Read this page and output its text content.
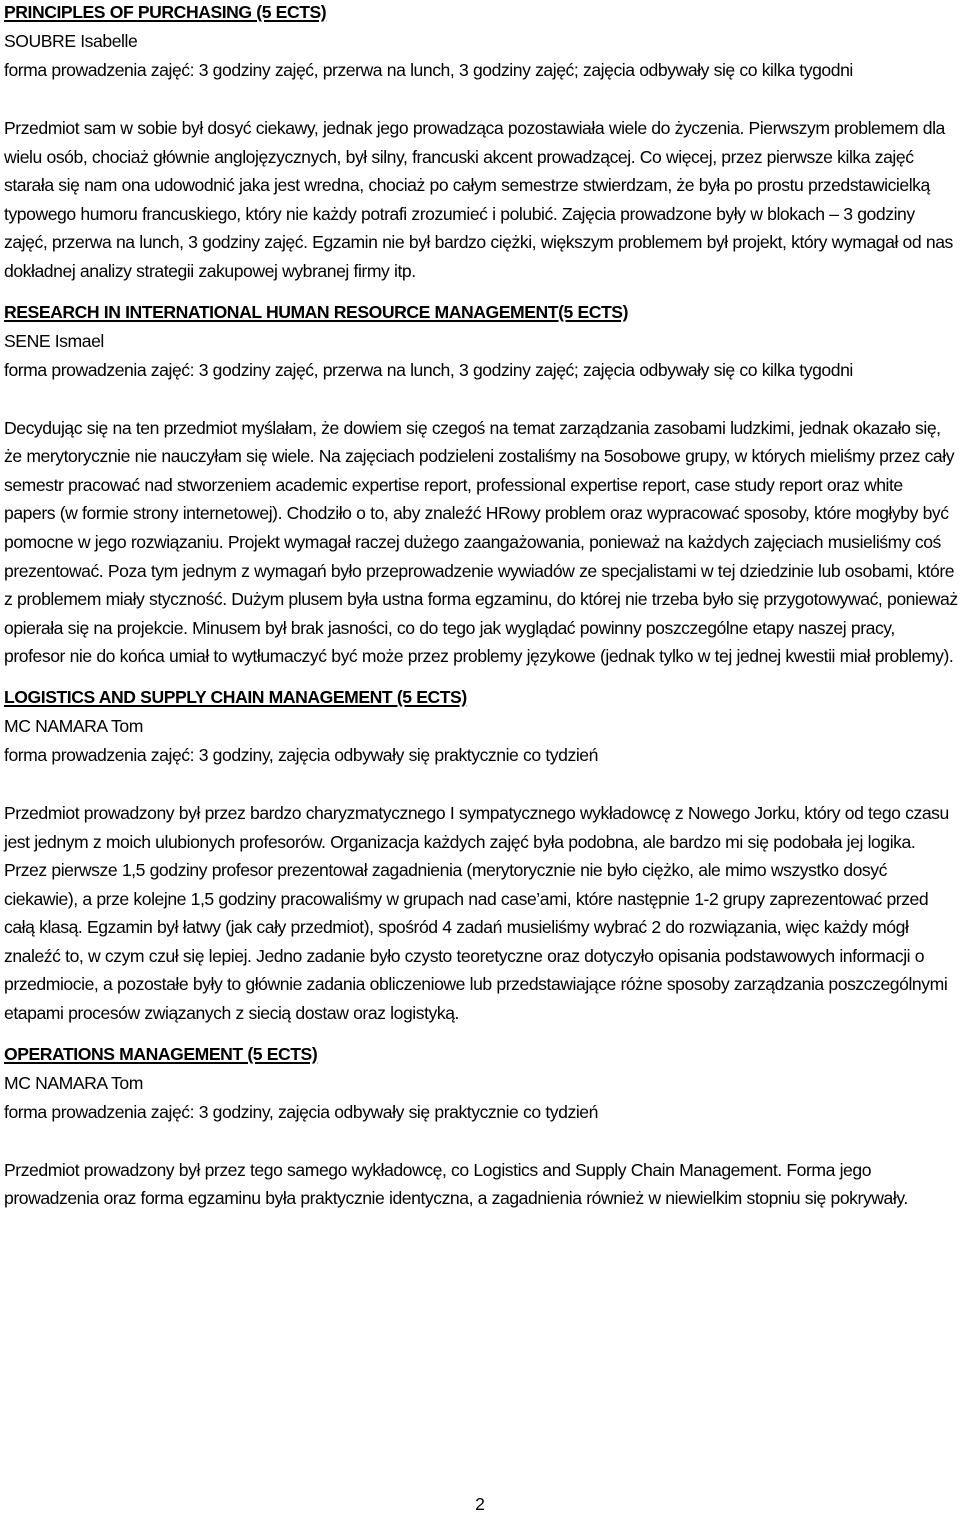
PRINCIPLES OF PURCHASING (5 ECTS)
SOUBRE Isabelle
forma prowadzenia zajęć: 3 godziny zajęć, przerwa na lunch, 3 godziny zajęć; zajęcia odbywały się co kilka tygodni

Przedmiot sam w sobie był dosyć ciekawy, jednak jego prowadząca pozostawiała wiele do życzenia. Pierwszym problemem dla wielu osób, chociaż głównie anglojęzycznych, był silny, francuski akcent prowadzącej. Co więcej, przez pierwsze kilka zajęć starała się nam ona udowodnić jaka jest wredna, chociaż po całym semestrze stwierdzam, że była po prostu przedstawicielką typowego humoru francuskiego, który nie każdy potrafi zrozumieć i polubić. Zajęcia prowadzone były w blokach – 3 godziny zajęć, przerwa na lunch, 3 godziny zajęć. Egzamin nie był bardzo ciężki, większym problemem był projekt, który wymagał od nas dokładnej analizy strategii zakupowej wybranej firmy itp.

RESEARCH IN INTERNATIONAL HUMAN RESOURCE MANAGEMENT(5 ECTS)
SENE Ismael
forma prowadzenia zajęć: 3 godziny zajęć, przerwa na lunch, 3 godziny zajęć; zajęcia odbywały się co kilka tygodni

Decydując się na ten przedmiot myślałam, że dowiem się czegoś na temat zarządzania zasobami ludzkimi, jednak okazało się, że merytorycznie nie nauczyłam się wiele. Na zajęciach podzieleni zostaliśmy na 5osobowe grupy, w których mieliśmy przez cały semestr pracować nad stworzeniem academic expertise report, professional expertise report, case study report oraz white papers (w formie strony internetowej). Chodziło o to, aby znaleźć HRowy problem oraz wypracować sposoby, które mogłyby być pomocne w jego rozwiązaniu. Projekt wymagał raczej dużego zaangażowania, ponieważ na każdych zajęciach musieliśmy coś prezentować. Poza tym jednym z wymagań było przeprowadzenie wywiadów ze specjalistami w tej dziedzinie lub osobami, które z problemem miały styczność. Dużym plusem była ustna forma egzaminu, do której nie trzeba było się przygotowywać, ponieważ opierała się na projekcie. Minusem był brak jasności, co do tego jak wyglądać powinny poszczególne etapy naszej pracy, profesor nie do końca umiał to wytłumaczyć być może przez problemy językowe (jednak tylko w tej jednej kwestii miał problemy).

LOGISTICS AND SUPPLY CHAIN MANAGEMENT (5 ECTS)
MC NAMARA Tom
forma prowadzenia zajęć: 3 godziny, zajęcia odbywały się praktycznie co tydzień

Przedmiot prowadzony był przez bardzo charyzmatycznego I sympatycznego wykładowcę z Nowego Jorku, który od tego czasu jest jednym z moich ulubionych profesorów. Organizacja każdych zajęć była podobna, ale bardzo mi się podobała jej logika. Przez pierwsze 1,5 godziny profesor prezentował zagadnienia (merytorycznie nie było ciężko, ale mimo wszystko dosyć ciekawie), a prze kolejne 1,5 godziny pracowaliśmy w grupach nad case’ami, które następnie 1-2 grupy zaprezentować przed całą klasą. Egzamin był łatwy (jak cały przedmiot), spośród 4 zadań musieliśmy wybrać 2 do rozwiązania, więc każdy mógł znaleźć to, w czym czuł się lepiej. Jedno zadanie było czysto teoretyczne oraz dotyczyło opisania podstawowych informacji o przedmiocie, a pozostałe były to głównie zadania obliczeniowe lub przedstawiające różne sposoby zarządzania poszczególnymi etapami procesów związanych z siecią dostaw oraz logistyką.

OPERATIONS MANAGEMENT (5 ECTS)
MC NAMARA Tom
forma prowadzenia zajęć: 3 godziny, zajęcia odbywały się praktycznie co tydzień

Przedmiot prowadzony był przez tego samego wykładowcę, co Logistics and Supply Chain Management. Forma jego prowadzenia oraz forma egzaminu była praktycznie identyczna, a zagadnienia również w niewielkim stopniu się pokrywały.

2
